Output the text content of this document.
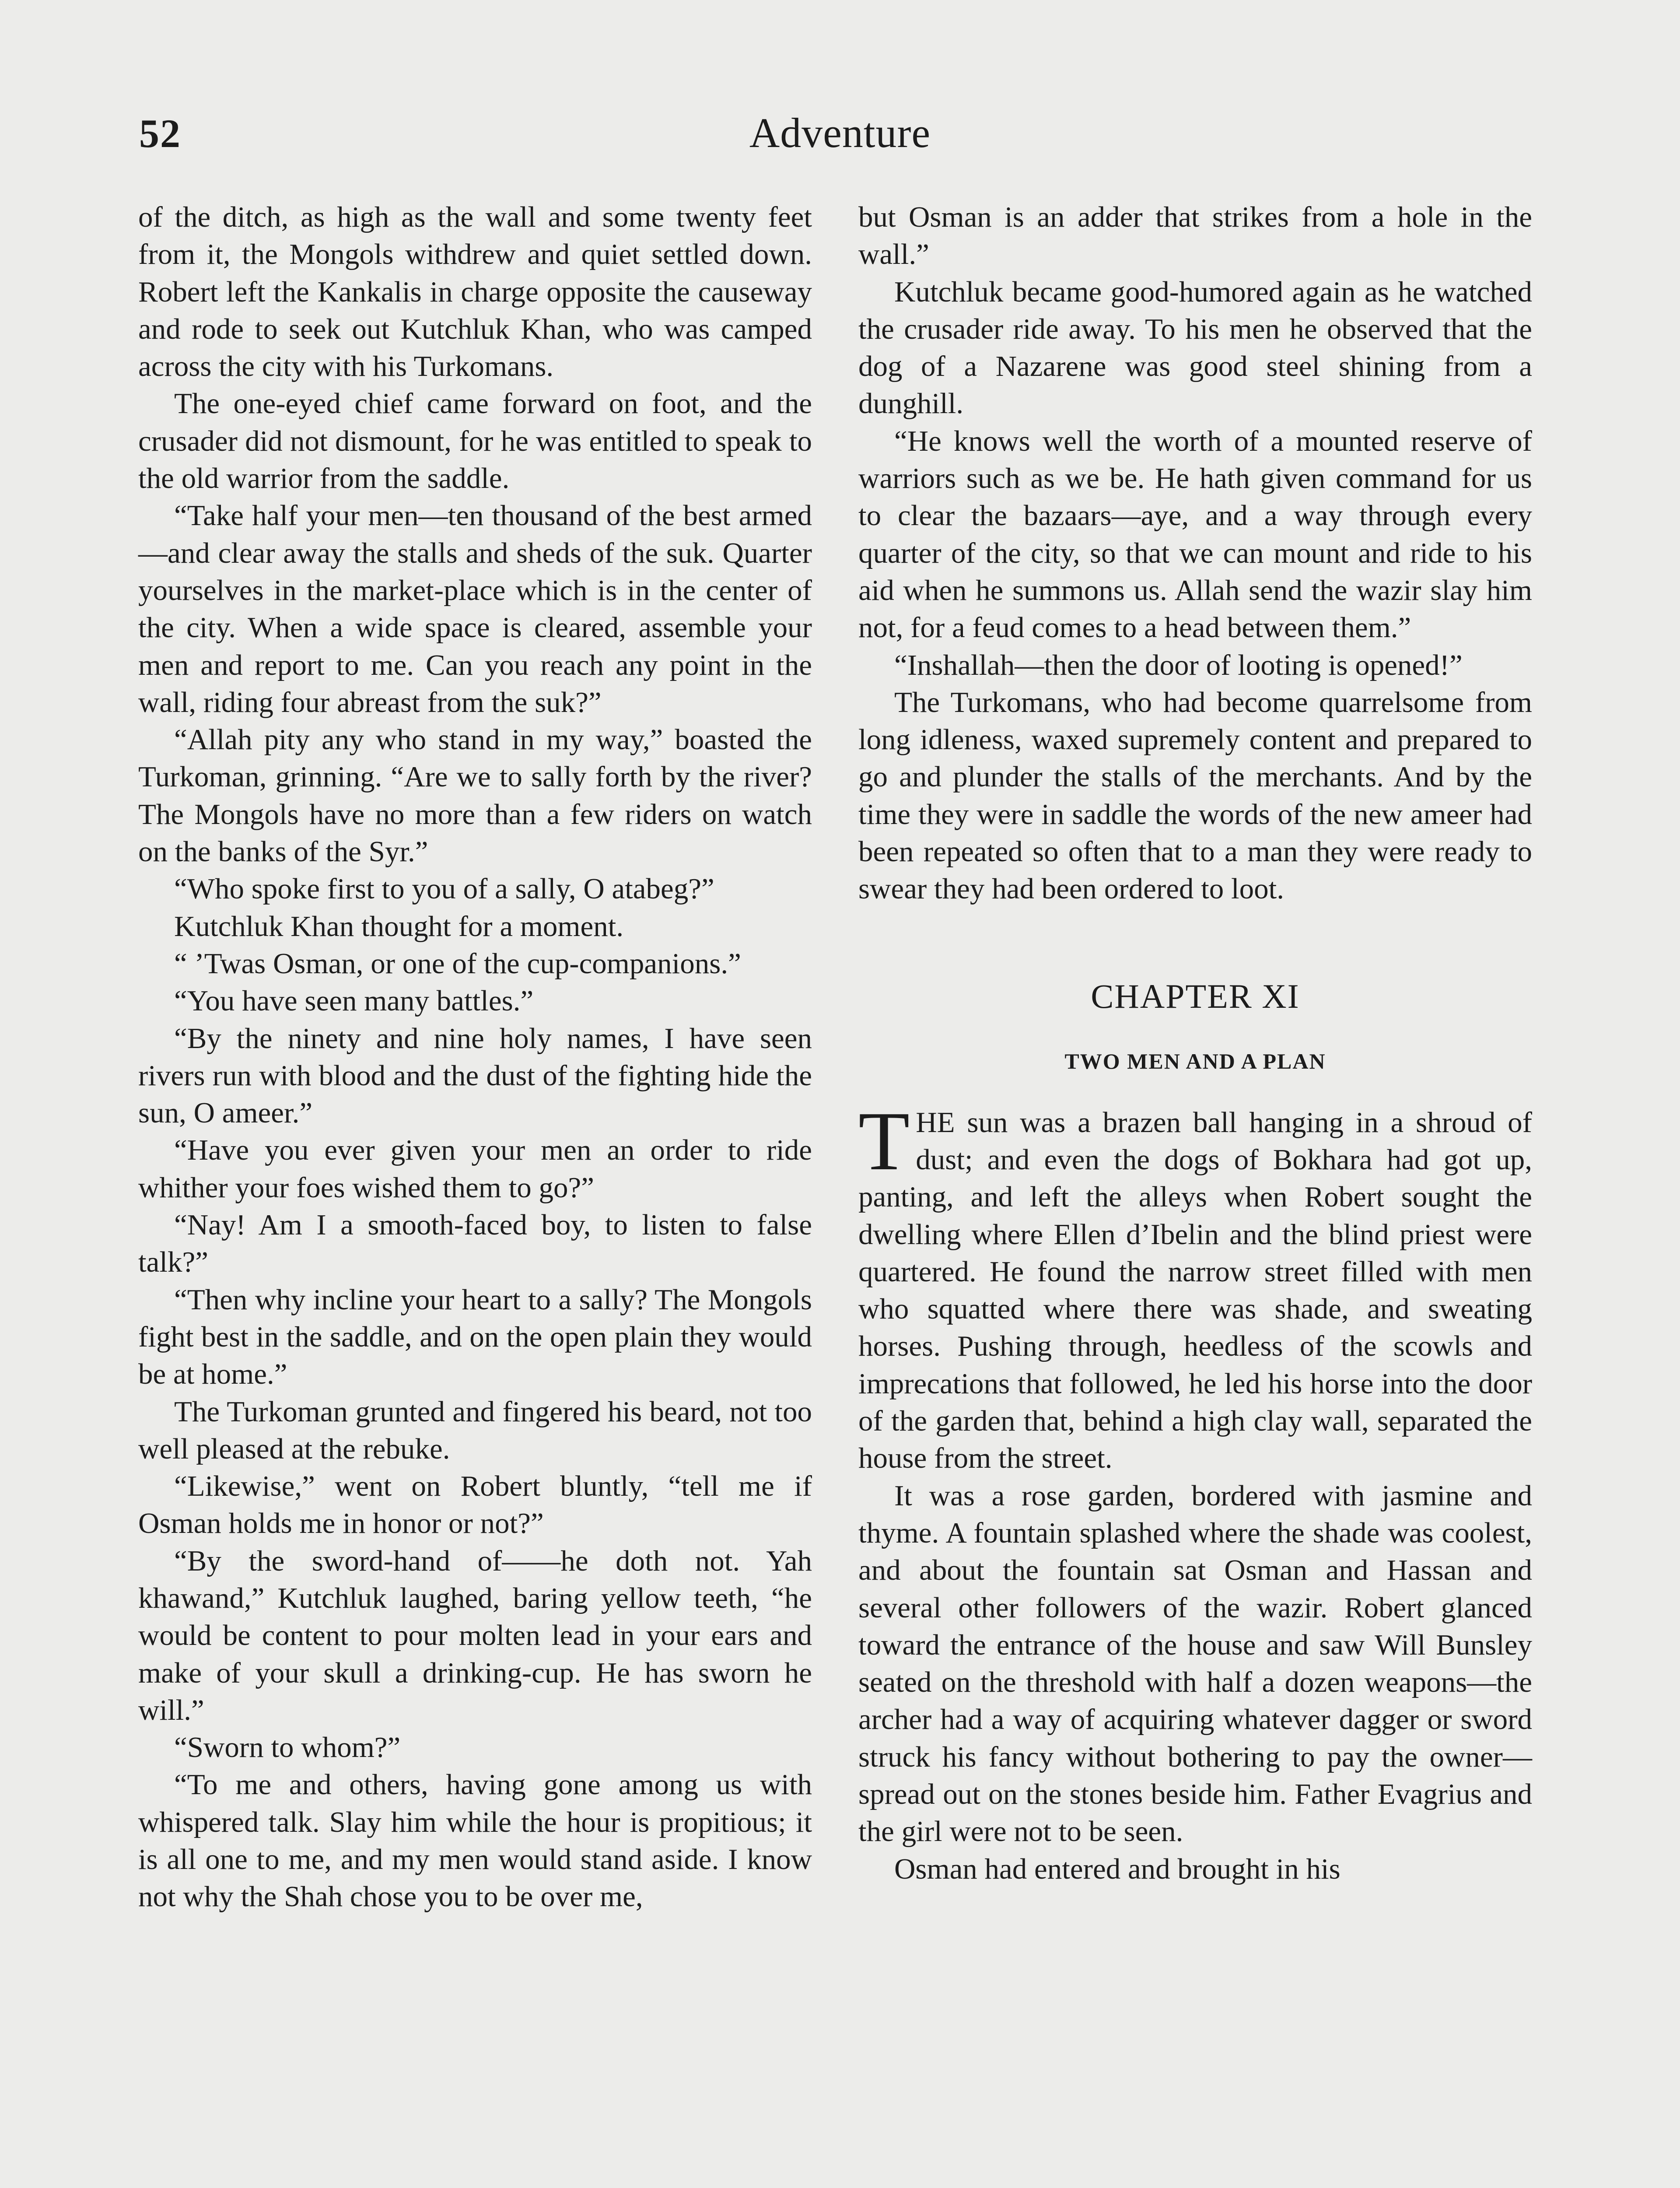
52	Adventure

of the ditch, as high as the wall and some twenty feet from it, the Mongols withdrew and quiet settled down. Robert left the Kankalis in charge opposite the causeway and rode to seek out Kutchluk Khan, who was camped across the city with his Turkomans.

The one-eyed chief came forward on foot, and the crusader did not dismount, for he was entitled to speak to the old warrior from the saddle.

“Take half your men—ten thousand of the best armed—and clear away the stalls and sheds of the suk. Quarter yourselves in the market-place which is in the center of the city. When a wide space is cleared, assemble your men and report to me. Can you reach any point in the wall, riding four abreast from the suk?”

“Allah pity any who stand in my way,” boasted the Turkoman, grinning. “Are we to sally forth by the river? The Mongols have no more than a few riders on watch on the banks of the Syr.”

“Who spoke first to you of a sally, O atabeg?”

Kutchluk Khan thought for a moment.

“ ’Twas Osman, or one of the cup-companions.”

“You have seen many battles.”

“By the ninety and nine holy names, I have seen rivers run with blood and the dust of the fighting hide the sun, O ameer.”

“Have you ever given your men an order to ride whither your foes wished them to go?”

“Nay! Am I a smooth-faced boy, to listen to false talk?”

“Then why incline your heart to a sally? The Mongols fight best in the saddle, and on the open plain they would be at home.”

The Turkoman grunted and fingered his beard, not too well pleased at the rebuke.

“Likewise,” went on Robert bluntly, “tell me if Osman holds me in honor or not?”

“By the sword-hand of——he doth not. Yah khawand,” Kutchluk laughed, baring yellow teeth, “he would be content to pour molten lead in your ears and make of your skull a drinking-cup. He has sworn he will.”

“Sworn to whom?”

“To me and others, having gone among us with whispered talk. Slay him while the hour is propitious; it is all one to me, and my men would stand aside. I know not why the Shah chose you to be over me,

but Osman is an adder that strikes from a hole in the wall.”

Kutchluk became good-humored again as he watched the crusader ride away. To his men he observed that the dog of a Nazarene was good steel shining from a dunghill.

“He knows well the worth of a mounted reserve of warriors such as we be. He hath given command for us to clear the bazaars—aye, and a way through every quarter of the city, so that we can mount and ride to his aid when he summons us. Allah send the wazir slay him not, for a feud comes to a head between them.”

“Inshallah—then the door of looting is opened!”

The Turkomans, who had become quarrelsome from long idleness, waxed supremely content and prepared to go and plunder the stalls of the merchants. And by the time they were in saddle the words of the new ameer had been repeated so often that to a man they were ready to swear they had been ordered to loot.

CHAPTER XI
TWO MEN AND A PLAN

THE sun was a brazen ball hanging in a shroud of dust; and even the dogs of Bokhara had got up, panting, and left the alleys when Robert sought the dwelling where Ellen d’Ibelin and the blind priest were quartered. He found the narrow street filled with men who squatted where there was shade, and sweating horses. Pushing through, heedless of the scowls and imprecations that followed, he led his horse into the door of the garden that, behind a high clay wall, separated the house from the street.

It was a rose garden, bordered with jasmine and thyme. A fountain splashed where the shade was coolest, and about the fountain sat Osman and Hassan and several other followers of the wazir. Robert glanced toward the entrance of the house and saw Will Bunsley seated on the threshold with half a dozen weapons—the archer had a way of acquiring whatever dagger or sword struck his fancy without bothering to pay the owner—spread out on the stones beside him. Father Evagrius and the girl were not to be seen.

Osman had entered and brought in his
